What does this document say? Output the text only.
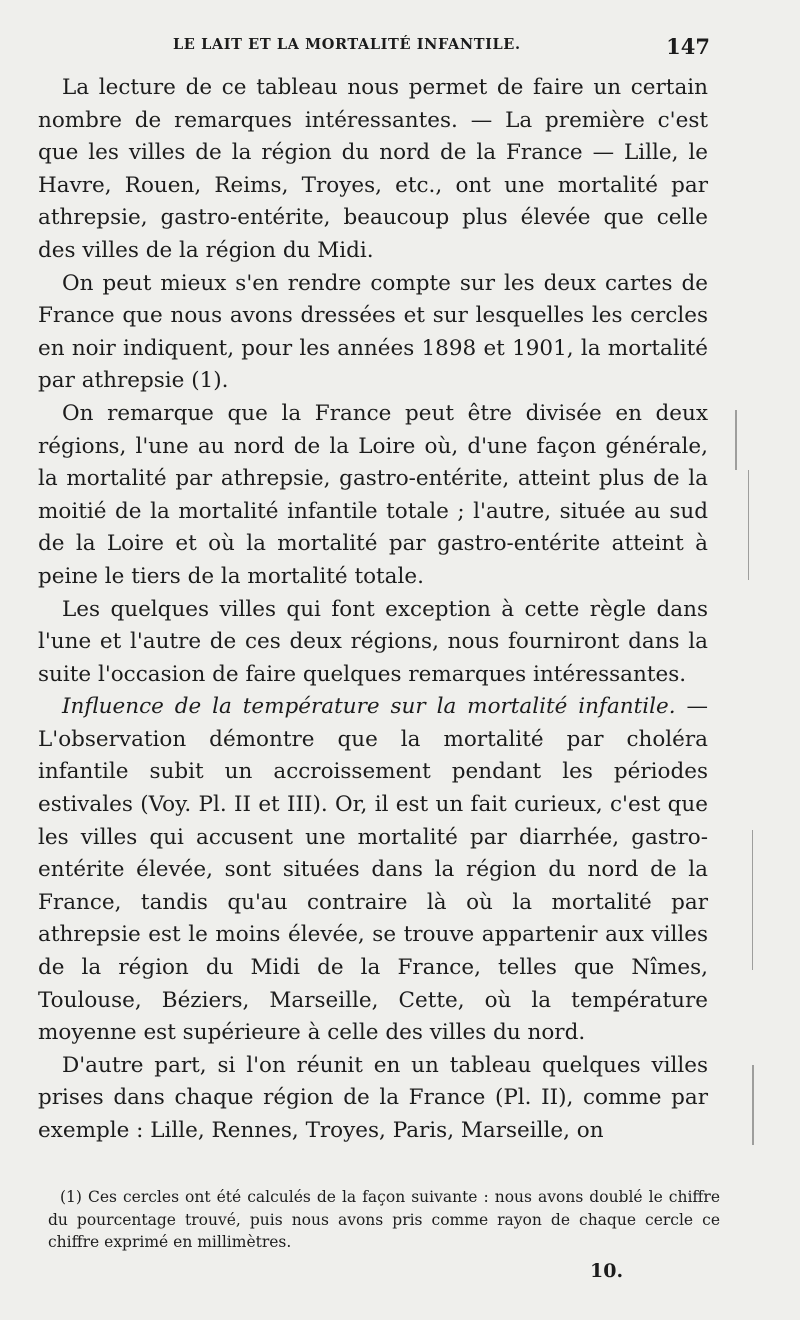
LE LAIT ET LA MORTALITÉ INFANTILE.	147

La lecture de ce tableau nous permet de faire un certain nombre de remarques intéressantes. — La première c'est que les villes de la région du nord de la France — Lille, le Havre, Rouen, Reims, Troyes, etc., ont une mortalité par athrepsie, gastro-entérite, beaucoup plus élevée que celle des villes de la région du Midi.

On peut mieux s'en rendre compte sur les deux cartes de France que nous avons dressées et sur lesquelles les cercles en noir indiquent, pour les années 1898 et 1901, la mortalité par athrepsie (1).

On remarque que la France peut être divisée en deux régions, l'une au nord de la Loire où, d'une façon générale, la mortalité par athrepsie, gastro-entérite, atteint plus de la moitié de la mortalité infantile totale ; l'autre, située au sud de la Loire et où la mortalité par gastro-entérite atteint à peine le tiers de la mortalité totale.

Les quelques villes qui font exception à cette règle dans l'une et l'autre de ces deux régions, nous fourniront dans la suite l'occasion de faire quelques remarques intéressantes.

Influence de la température sur la mortalité infantile. — L'observation démontre que la mortalité par choléra infantile subit un accroissement pendant les périodes estivales (Voy. Pl. II et III). Or, il est un fait curieux, c'est que les villes qui accusent une mortalité par diarrhée, gastro-entérite élevée, sont situées dans la région du nord de la France, tandis qu'au contraire là où la mortalité par athrepsie est le moins élevée, se trouve appartenir aux villes de la région du Midi de la France, telles que Nîmes, Toulouse, Béziers, Marseille, Cette, où la température moyenne est supérieure à celle des villes du nord.

D'autre part, si l'on réunit en un tableau quelques villes prises dans chaque région de la France (Pl. II), comme par exemple : Lille, Rennes, Troyes, Paris, Marseille, on

(1) Ces cercles ont été calculés de la façon suivante : nous avons doublé le chiffre du pourcentage trouvé, puis nous avons pris comme rayon de chaque cercle ce chiffre exprimé en millimètres.

10.
